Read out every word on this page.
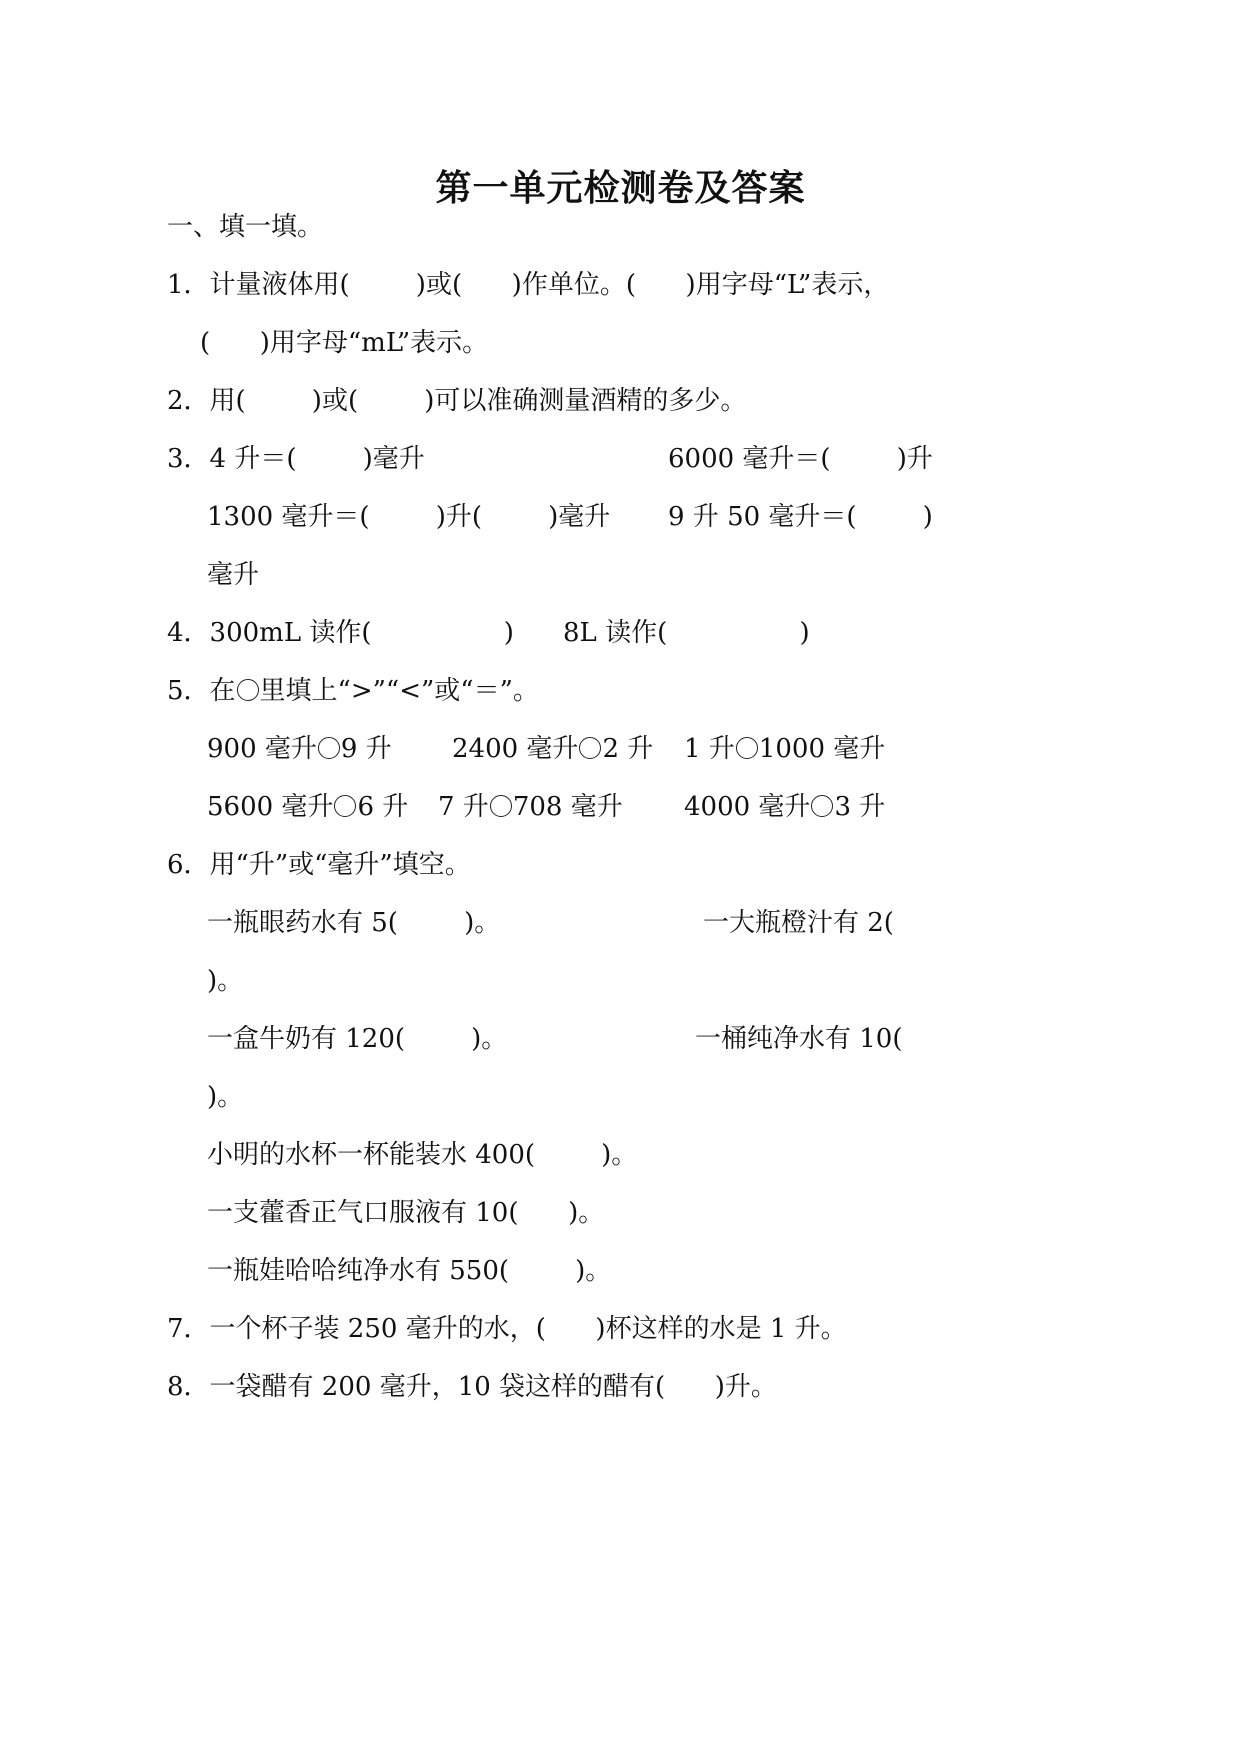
第一单元检测卷及答案
一、填一填。
1．计量液体用(        )或(      )作单位。(      )用字母“L”表示，
(      )用字母“mL”表示。
2．用(        )或(        )可以准确测量酒精的多少。
3．4 升＝(        )毫升	6000 毫升＝(        )升
1300 毫升＝(        )升(        )毫升 9 升 50 毫升＝(        )
毫升
4．300mL 读作(                ) 8L 读作(                )
5．在 里填上“>”“<”或“＝”。
900 毫升 9 升 2400 毫升 2 升 1 升 1000 毫升
5600 毫升 6 升 7 升 708 毫升 4000 毫升 3 升
6．用“升”或“毫升”填空。
一瓶眼药水有 5(        )。	一大瓶橙汁有 2(
)。
一盒牛奶有 120(        )。	一桶纯净水有 10(
)。
小明的水杯一杯能装水 400(        )。
一支藿香正气口服液有 10(      )。
一瓶娃哈哈纯净水有 550(        )。
7．一个杯子装 250 毫升的水，(      )杯这样的水是 1 升。
8．一袋醋有 200 毫升，10 袋这样的醋有(      )升。
